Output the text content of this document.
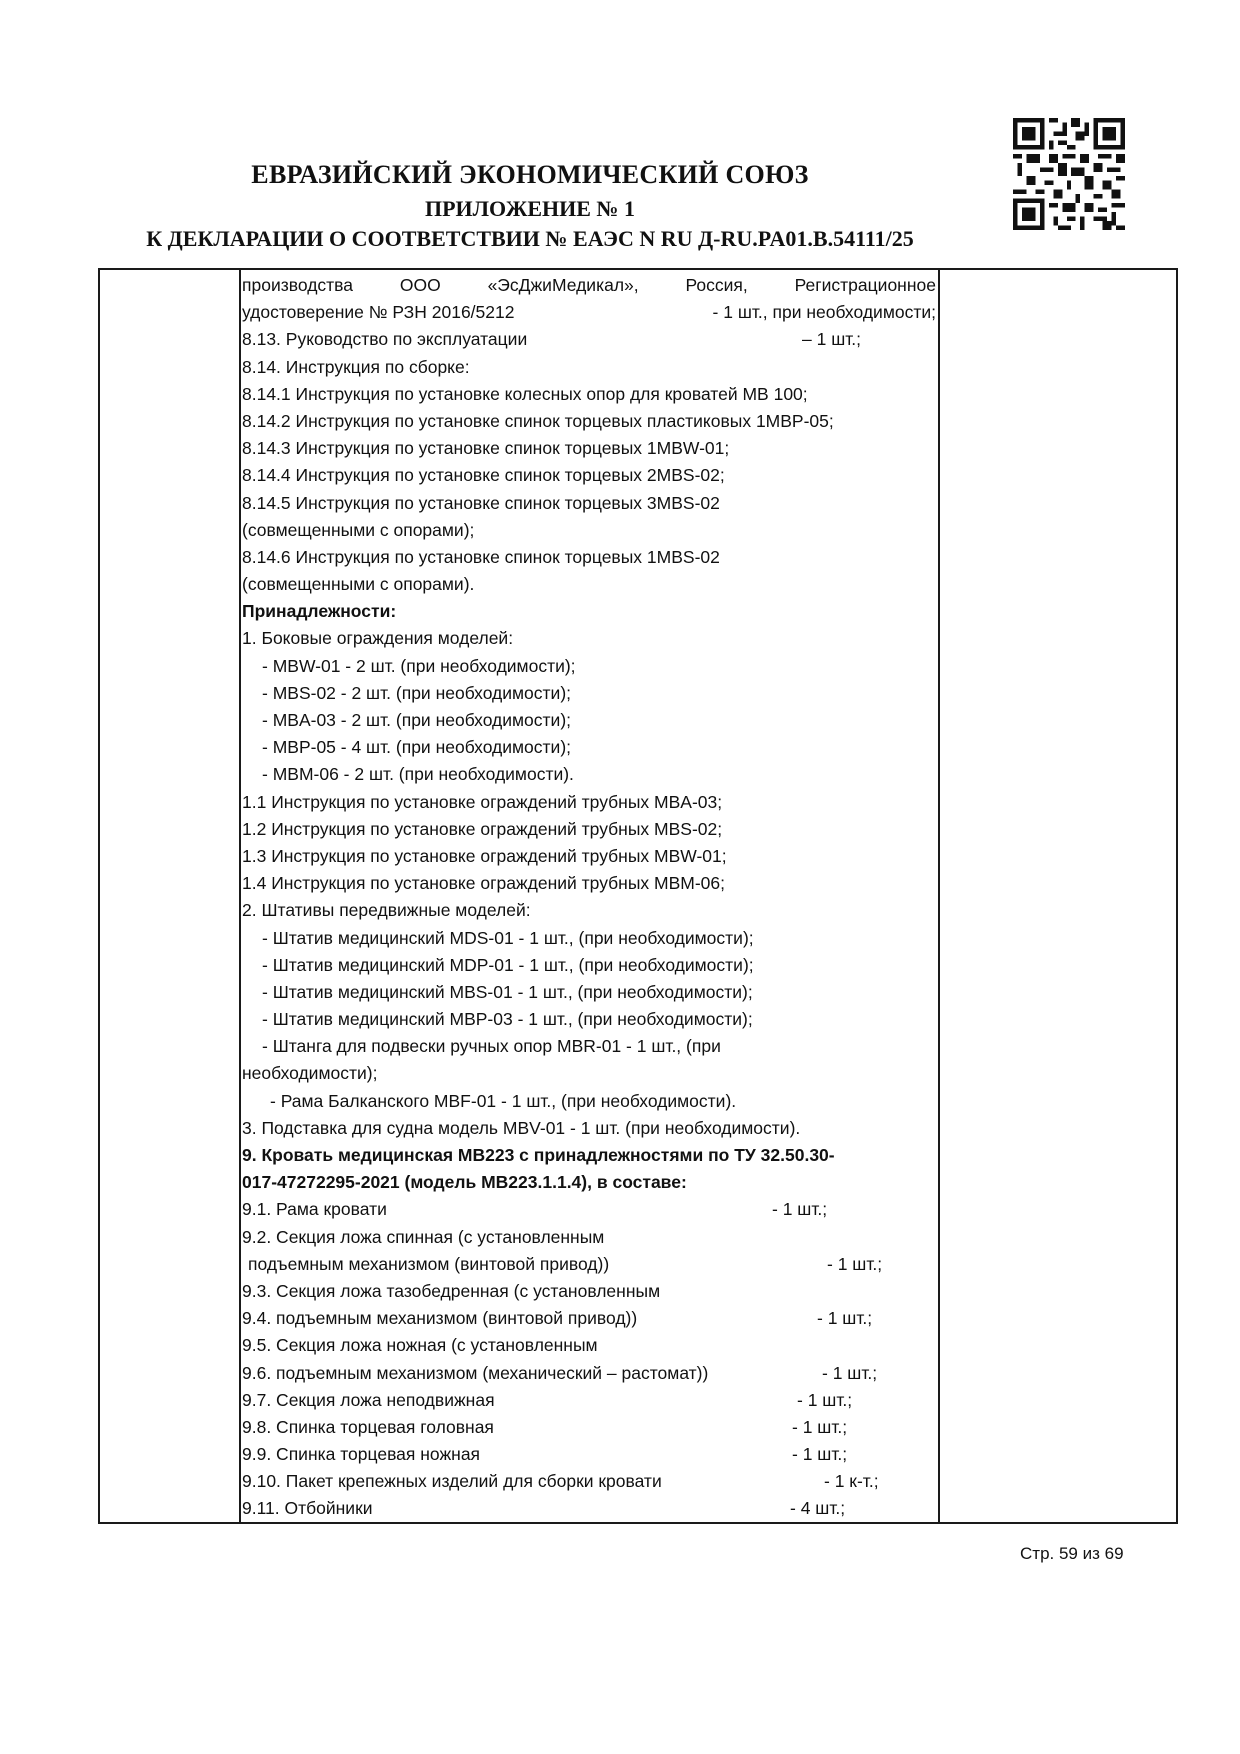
ЕВРАЗИЙСКИЙ ЭКОНОМИЧЕСКИЙ СОЮЗ
ПРИЛОЖЕНИЕ № 1
К ДЕКЛАРАЦИИ О СООТВЕТСТВИИ № ЕАЭС N RU Д-RU.PA01.B.54111/25
производства	ООО	«ЭсДжиМедикал»,	Россия,	Регистрационное
удостоверение № РЗН 2016/5212	- 1 шт., при необходимости;
8.13. Руководство по эксплуатации	– 1 шт.;
8.14. Инструкция по сборке:
8.14.1 Инструкция по установке колесных опор для кроватей МВ 100;
8.14.2 Инструкция по установке спинок торцевых пластиковых 1MBP-05;
8.14.3 Инструкция по установке спинок торцевых 1MBW-01;
8.14.4 Инструкция по установке спинок торцевых 2MBS-02;
8.14.5 Инструкция по установке спинок торцевых 3MBS-02
(совмещенными с опорами);
8.14.6 Инструкция по установке спинок торцевых 1MBS-02
(совмещенными с опорами).
Принадлежности:
1. Боковые ограждения моделей:
- MBW-01 - 2 шт. (при необходимости);
- MBS-02 - 2 шт. (при необходимости);
- MBA-03 - 2 шт. (при необходимости);
- MBP-05 - 4 шт. (при необходимости);
- MBM-06 - 2 шт. (при необходимости).
1.1 Инструкция по установке ограждений трубных MBA-03;
1.2 Инструкция по установке ограждений трубных MBS-02;
1.3 Инструкция по установке ограждений трубных MBW-01;
1.4 Инструкция по установке ограждений трубных MBM-06;
2. Штативы передвижные моделей:
- Штатив медицинский MDS-01 - 1 шт., (при необходимости);
- Штатив медицинский MDP-01 - 1 шт., (при необходимости);
- Штатив медицинский MBS-01 - 1 шт., (при необходимости);
- Штатив медицинский MBP-03 - 1 шт., (при необходимости);
- Штанга для подвески ручных опор MBR-01 - 1 шт., (при
необходимости);
- Рама Балканского MBF-01 - 1 шт., (при необходимости).
3. Подставка для судна модель MBV-01 - 1 шт. (при необходимости).
9. Кровать медицинская MB223 с принадлежностями по ТУ 32.50.30-
017-47272295-2021 (модель MB223.1.1.4), в составе:
9.1. Рама кровати	- 1 шт.;
9.2. Секция ложа спинная (с установленным
подъемным механизмом (винтовой привод))	- 1 шт.;
9.3. Секция ложа тазобедренная (с установленным
9.4. подъемным механизмом (винтовой привод))	- 1 шт.;
9.5. Секция ложа ножная (с установленным
9.6. подъемным механизмом (механический – растомат))	- 1 шт.;
9.7. Секция ложа неподвижная	- 1 шт.;
9.8. Спинка торцевая головная	- 1 шт.;
9.9. Спинка торцевая ножная	- 1 шт.;
9.10. Пакет крепежных изделий для сборки кровати	- 1 к-т.;
9.11. Отбойники	- 4 шт.;
Стр. 59 из 69
